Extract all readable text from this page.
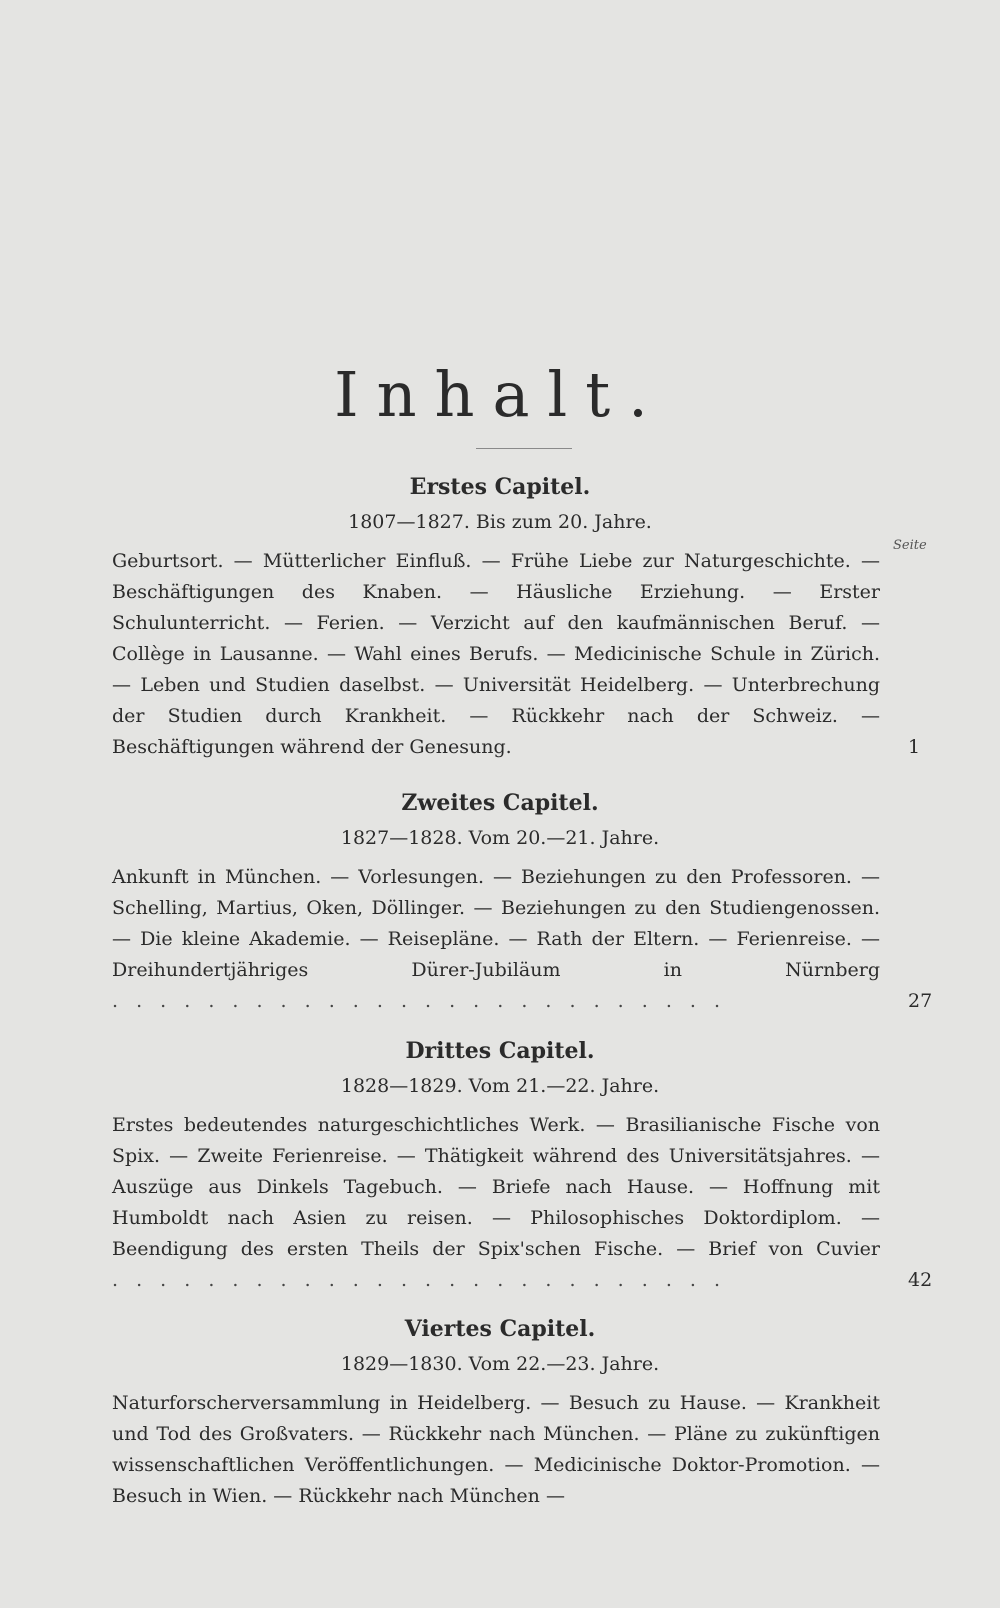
Inhalt.
Seite
Erstes Capitel.
1807—1827. Bis zum 20. Jahre.
Geburtsort. — Mütterlicher Einfluß. — Frühe Liebe zur Naturgeschichte. — Beschäftigungen des Knaben. — Häusliche Erziehung. — Erster Schulunterricht. — Ferien. — Verzicht auf den kaufmännischen Beruf. — Collège in Lausanne. — Wahl eines Berufs. — Medicinische Schule in Zürich. — Leben und Studien daselbst. — Universität Heidelberg. — Unterbrechung der Studien durch Krankheit. — Rückkehr nach der Schweiz. — Beschäftigungen während der Genesung.	1
Zweites Capitel.
1827—1828. Vom 20.—21. Jahre.
Ankunft in München. — Vorlesungen. — Beziehungen zu den Professoren. — Schelling, Martius, Oken, Döllinger. — Beziehungen zu den Studiengenossen. — Die kleine Akademie. — Reisepläne. — Rath der Eltern. — Ferienreise. — Dreihundertjähriges Dürer-Jubiläum in Nürnberg . . . . . . . . . . . . . . . . . . . . . . . . . .	27
Drittes Capitel.
1828—1829. Vom 21.—22. Jahre.
Erstes bedeutendes naturgeschichtliches Werk. — Brasilianische Fische von Spix. — Zweite Ferienreise. — Thätigkeit während des Universitätsjahres. — Auszüge aus Dinkels Tagebuch. — Briefe nach Hause. — Hoffnung mit Humboldt nach Asien zu reisen. — Philosophisches Doktordiplom. — Beendigung des ersten Theils der Spix'schen Fische. — Brief von Cuvier . . . . . . . . . . . . . . . . . . . . . . . . . .	42
Viertes Capitel.
1829—1830. Vom 22.—23. Jahre.
Naturforscherversammlung in Heidelberg. — Besuch zu Hause. — Krankheit und Tod des Großvaters. — Rückkehr nach München. — Pläne zu zukünftigen wissenschaftlichen Veröffentlichungen. — Medicinische Doktor-Promotion. — Besuch in Wien. — Rückkehr nach München —
